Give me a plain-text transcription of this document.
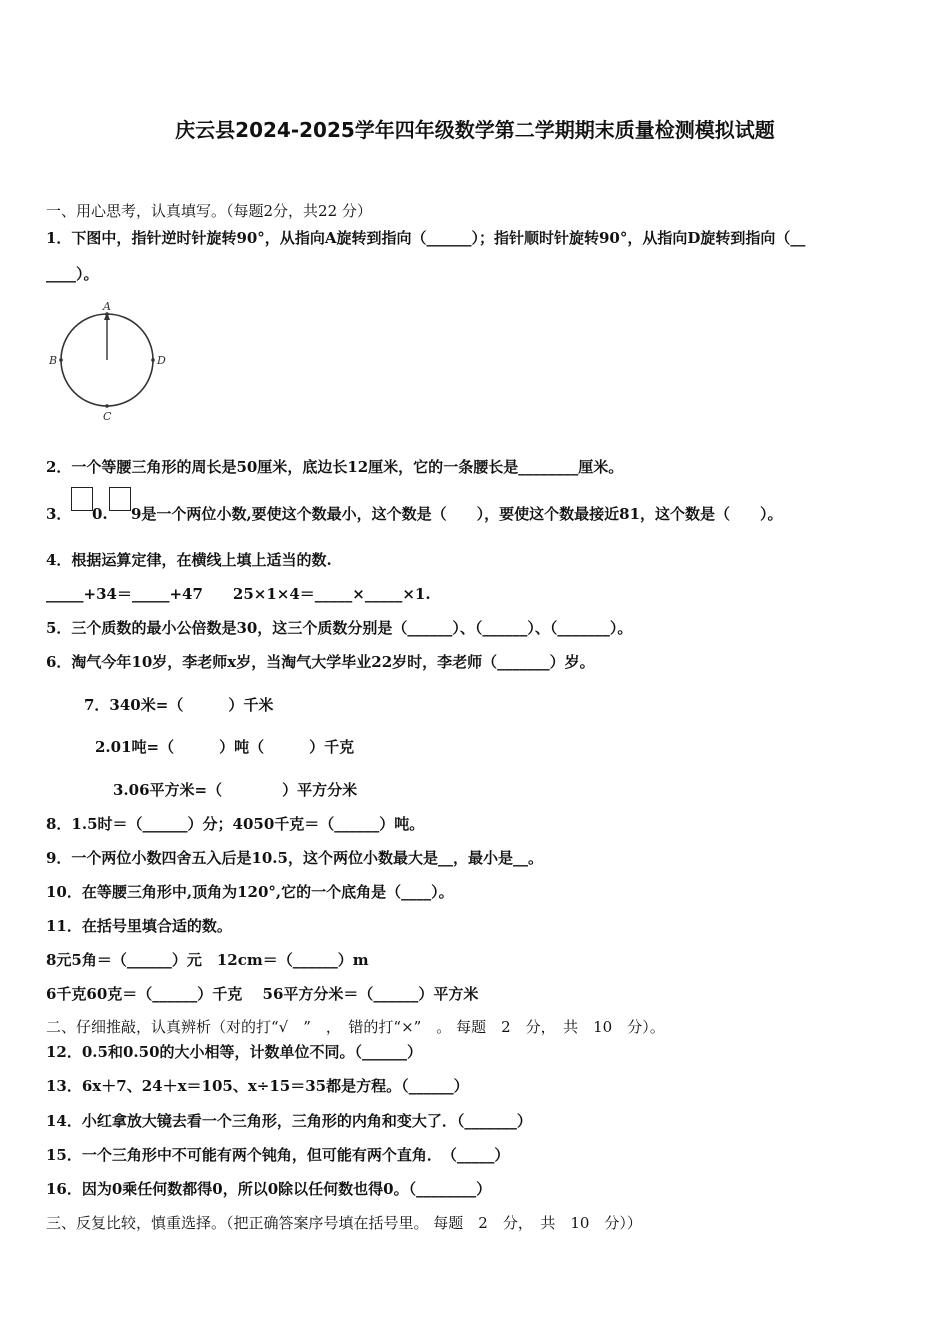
庆云县2024-2025学年四年级数学第二学期期末质量检测模拟试题
一、用心思考，认真填写。（每题2分，共22 分）
1．下图中，指针逆时针旋转90°，从指向A旋转到指向（______）；指针顺时针旋转90°，从指向D旋转到指向（__
____）。
A
B	D
C
2．一个等腰三角形的周长是50厘米，底边长12厘米，它的一条腰长是________厘米。
3． 0. 9是一个两位小数,要使这个数最小，这个数是（　　），要使这个数最接近81，这个数是（　　）。
4．根据运算定律，在横线上填上适当的数.
_____+34＝_____+47　　25×1×4＝_____×_____×1.
5．三个质数的最小公倍数是30，这三个质数分别是（______）、（______）、（_______）。
6．淘气今年10岁，李老师x岁，当淘气大学毕业22岁时，李老师（_______）岁。
7．340米=（　　　）千米
2.01吨=（　　　）吨（　　　）千克
3.06平方米=（　　　　）平方分米
8．1.5时＝（______）分；4050千克＝（______）吨。
9．一个两位小数四舍五入后是10.5，这个两位小数最大是__，最小是__。
10．在等腰三角形中,顶角为120°,它的一个底角是（____）。
11．在括号里填合适的数。
8元5角＝（______）元　12cm＝（______）m
6千克60克＝（______）千克　 56平方分米＝（______）平方米
二、仔细推敲，认真辨析（对的打“√　”　，　错的打“×”　。 每题　2　分，　共　10　分）。
12．0.5和0.50的大小相等，计数单位不同。（______）
13．6x＋7、24＋x＝105、x÷15＝35都是方程。（______）
14．小红拿放大镜去看一个三角形，三角形的内角和变大了．（_______）
15．一个三角形中不可能有两个钝角，但可能有两个直角．　（_____）
16．因为0乘任何数都得0，所以0除以任何数也得0。（________）
三、反复比较，慎重选择。（把正确答案序号填在括号里。 每题　2　分，　共　10　分））
